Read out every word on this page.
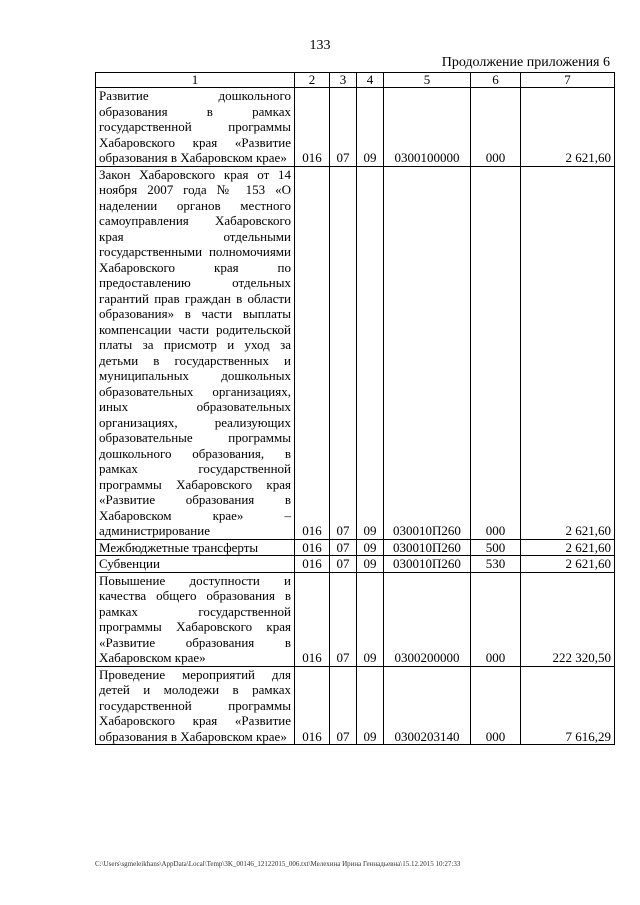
133
Продолжение приложения 6
1	2	3	4	5	6	7
Развитие дошкольного образования в рамках государственной программы Хабаровского края «Развитие образования в Хабаровском крае»	016	07	09	0300100000	000	2 621,60
Закон Хабаровского края от 14 ноября 2007 года № 153 «О наделении органов местного самоуправления Хабаровского края отдельными государственными полномочиями Хабаровского края по предоставлению отдельных гарантий прав граждан в области образования» в части выплаты компенсации части родительской платы за присмотр и уход за детьми в государственных и муниципальных дошкольных образовательных организациях, иных образовательных организациях, реализующих образовательные программы дошкольного образования, в рамках государственной программы Хабаровского края «Развитие образования в Хабаровском крае» – администрирование	016	07	09	030010П260	000	2 621,60
Межбюджетные трансферты	016	07	09	030010П260	500	2 621,60
Субвенции	016	07	09	030010П260	530	2 621,60
Повышение доступности и качества общего образования в рамках государственной программы Хабаровского края «Развитие образования в Хабаровском крае»	016	07	09	0300200000	000	222 320,50
Проведение мероприятий для детей и молодежи в рамках государственной программы Хабаровского края «Развитие образования в Хабаровском крае»	016	07	09	0300203140	000	7 616,29
C:\Users\sgmeleikhans\AppData\Local\Temp\3K_00146_12122015_006.txt\Мелехина Ирина Геннадьевна\15.12.2015 10:27:33
